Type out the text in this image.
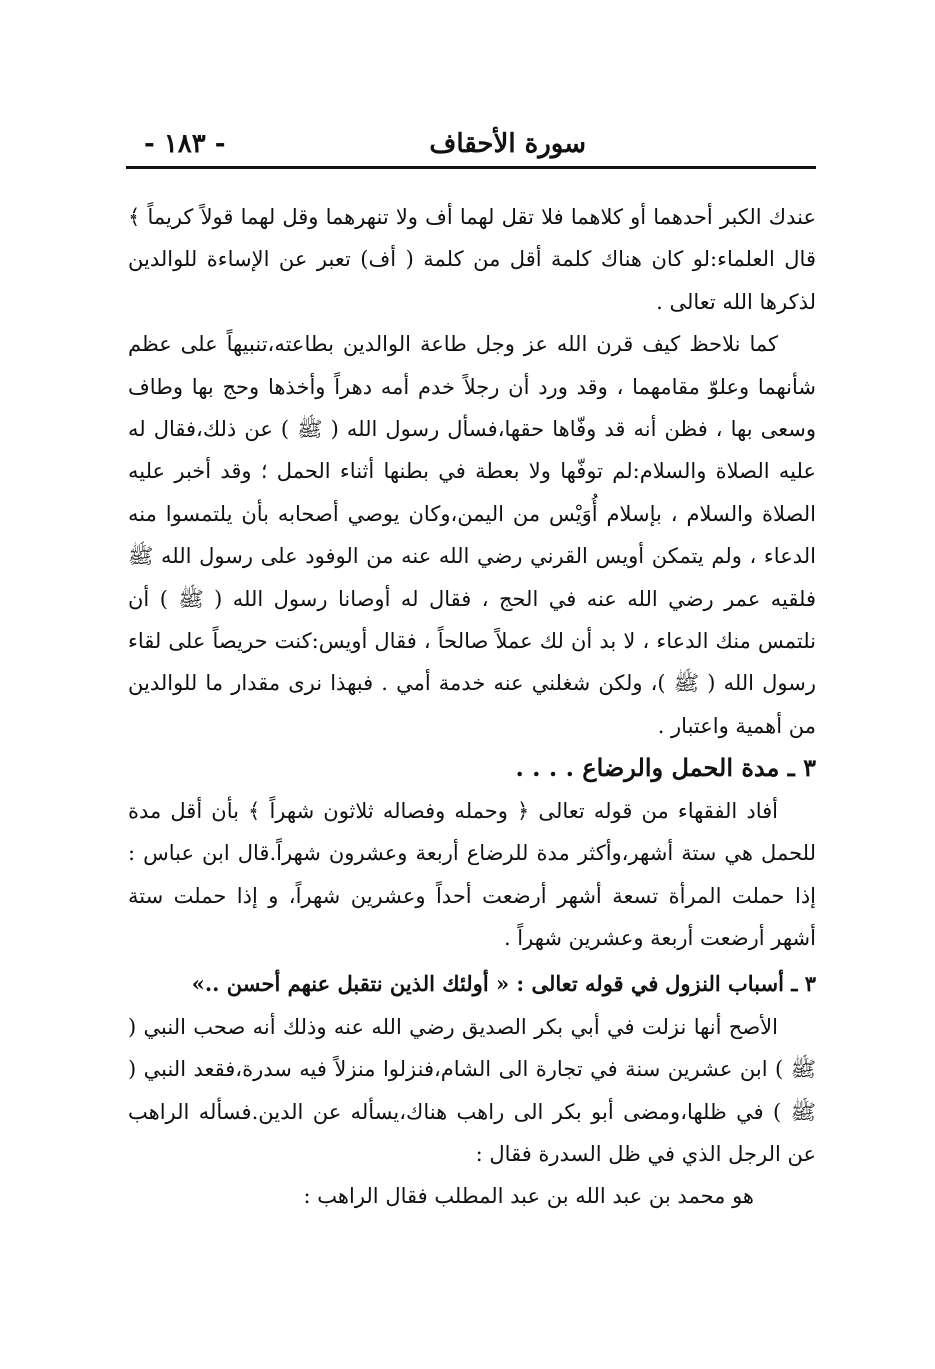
سورة الأحقاف
- ١٨٣ -

عندك الكبر أحدهما أو كلاهما فلا تقل لهما أف ولا تنهرهما وقل لهما قولاً كريماً ﴾ قال العلماء:لو كان هناك كلمة أقل من كلمة ( أف) تعبر عن الإساءة للوالدين لذكرها الله تعالى .

كما نلاحظ كيف قرن الله عز وجل طاعة الوالدين بطاعته،تنبيهاً على عظم شأنهما وعلوّ مقامهما ، وقد ورد أن رجلاً خدم أمه دهراً وأخذها وحج بها وطاف وسعى بها ، فظن أنه قد وفّاها حقها،فسأل رسول الله ( ﷺ ) عن ذلك،فقال له عليه الصلاة والسلام:لم توفّها ولا بعطة في بطنها أثناء الحمل ؛ وقد أخبر عليه الصلاة والسلام ، بإسلام أُوَيْس من اليمن،وكان يوصي أصحابه بأن يلتمسوا منه الدعاء ، ولم يتمكن أويس القرني رضي الله عنه من الوفود على رسول الله ﷺ فلقيه عمر رضي الله عنه في الحج ، فقال له أوصانا رسول الله ( ﷺ ) أن نلتمس منك الدعاء ، لا بد أن لك عملاً صالحاً ، فقال أويس:كنت حريصاً على لقاء رسول الله ( ﷺ )، ولكن شغلني عنه خدمة أمي . فبهذا نرى مقدار ما للوالدين من أهمية واعتبار .

٣ ـ مدة الحمل والرضاع . . . .

أفاد الفقهاء من قوله تعالى ﴿ وحمله وفصاله ثلاثون شهراً ﴾ بأن أقل مدة للحمل هي ستة أشهر،وأكثر مدة للرضاع أربعة وعشرون شهراً.قال ابن عباس : إذا حملت المرأة تسعة أشهر أرضعت أحداً وعشرين شهراً، و إذا حملت ستة أشهر أرضعت أربعة وعشرين شهراً .

٣ ـ أسباب النزول في قوله تعالى : « أولئك الذين نتقبل عنهم أحسن ..»

الأصح أنها نزلت في أبي بكر الصديق رضي الله عنه وذلك أنه صحب النبي ( ﷺ ) ابن عشرين سنة في تجارة الى الشام،فنزلوا منزلاً فيه سدرة،فقعد النبي ( ﷺ ) في ظلها،ومضى أبو بكر الى راهب هناك،يسأله عن الدين.فسأله الراهب عن الرجل الذي في ظل السدرة فقال :

هو محمد بن عبد الله بن عبد المطلب فقال الراهب :
